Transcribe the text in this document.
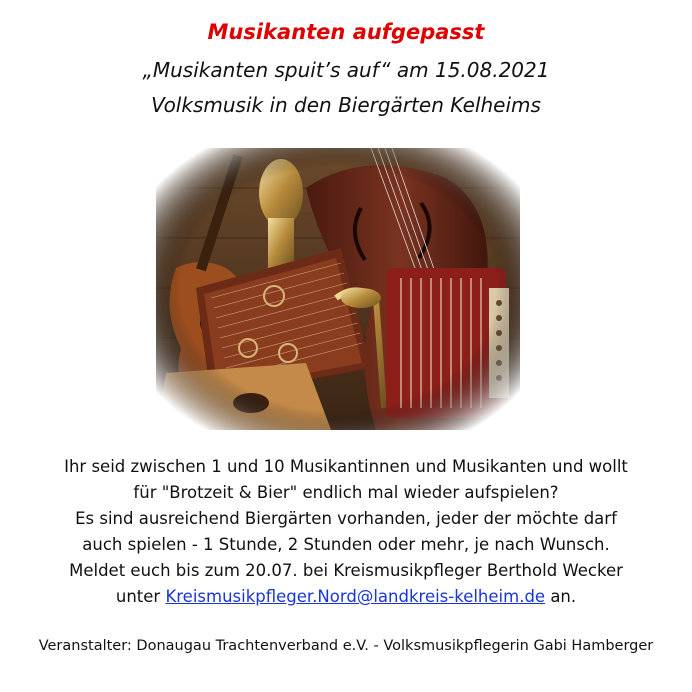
Musikanten aufgepasst
„Musikanten spuit’s auf“ am 15.08.2021
Volksmusik in den Biergärten Kelheims
Ihr seid zwischen 1 und 10 Musikantinnen und Musikanten und wollt
für "Brotzeit & Bier" endlich mal wieder aufspielen?
Es sind ausreichend Biergärten vorhanden, jeder der möchte darf
auch spielen - 1 Stunde, 2 Stunden oder mehr, je nach Wunsch.
Meldet euch bis zum 20.07. bei Kreismusikpfleger Berthold Wecker
unter Kreismusikpfleger.Nord@landkreis-kelheim.de an.
Veranstalter: Donaugau Trachtenverband e.V. - Volksmusikpflegerin Gabi Hamberger
